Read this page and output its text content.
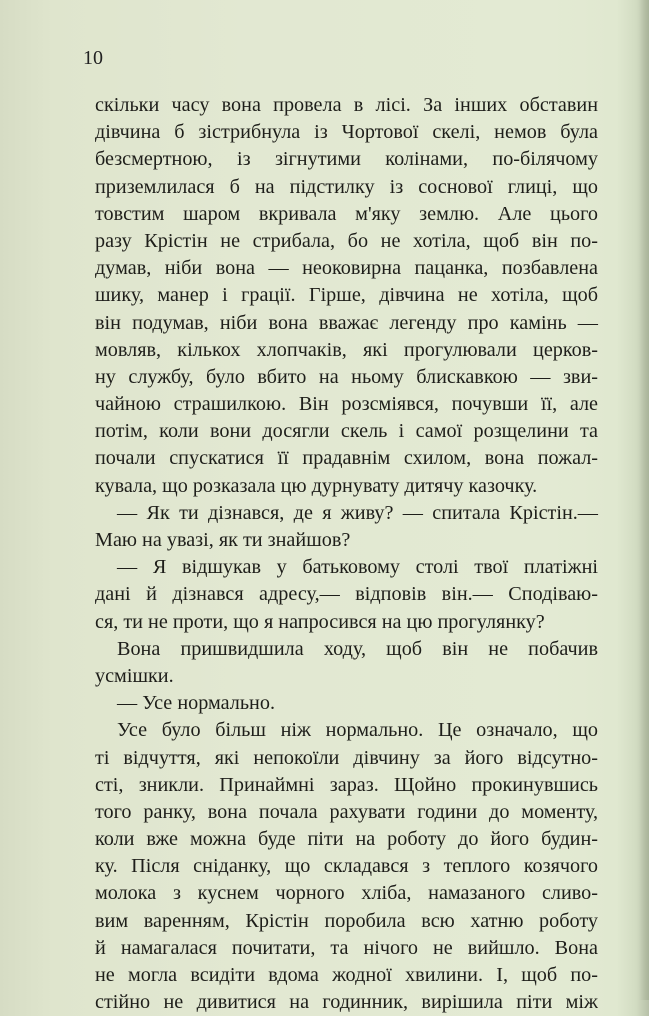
10
скільки часу вона провела в лісі. За інших обставин
дівчина б зістрибнула із Чортової скелі, немов була
безсмертною, із зігнутими колінами, по-білячому
приземлилася б на підстилку із соснової глиці, що
товстим шаром вкривала м'яку землю. Але цього
разу Крістін не стрибала, бо не хотіла, щоб він по-
думав, ніби вона — неоковирна пацанка, позбавлена
шику, манер і грації. Гірше, дівчина не хотіла, щоб
він подумав, ніби вона вважає легенду про камінь —
мовляв, кількох хлопчаків, які прогулювали церков-
ну службу, було вбито на ньому блискавкою — зви-
чайною страшилкою. Він розсміявся, почувши її, але
потім, коли вони досягли скель і самої розщелини та
почали спускатися її прадавнім схилом, вона пожал-
кувала, що розказала цю дурнувату дитячу казочку.
— Як ти дізнався, де я живу? — спитала Крістін.—
Маю на увазі, як ти знайшов?
— Я відшукав у батьковому столі твої платіжні
дані й дізнався адресу,— відповів він.— Сподіваю-
ся, ти не проти, що я напросився на цю прогулянку?
Вона пришвидшила ходу, щоб він не побачив
усмішки.
— Усе нормально.
Усе було більш ніж нормально. Це означало, що
ті відчуття, які непокоїли дівчину за його відсутно-
сті, зникли. Принаймні зараз. Щойно прокинувшись
того ранку, вона почала рахувати години до моменту,
коли вже можна буде піти на роботу до його будин-
ку. Після сніданку, що складався з теплого козячого
молока з куснем чорного хліба, намазаного сливо-
вим варенням, Крістін поробила всю хатню роботу
й намагалася почитати, та нічого не вийшло. Вона
не могла всидіти вдома жодної хвилини. І, щоб по-
стійно не дивитися на годинник, вирішила піти між
